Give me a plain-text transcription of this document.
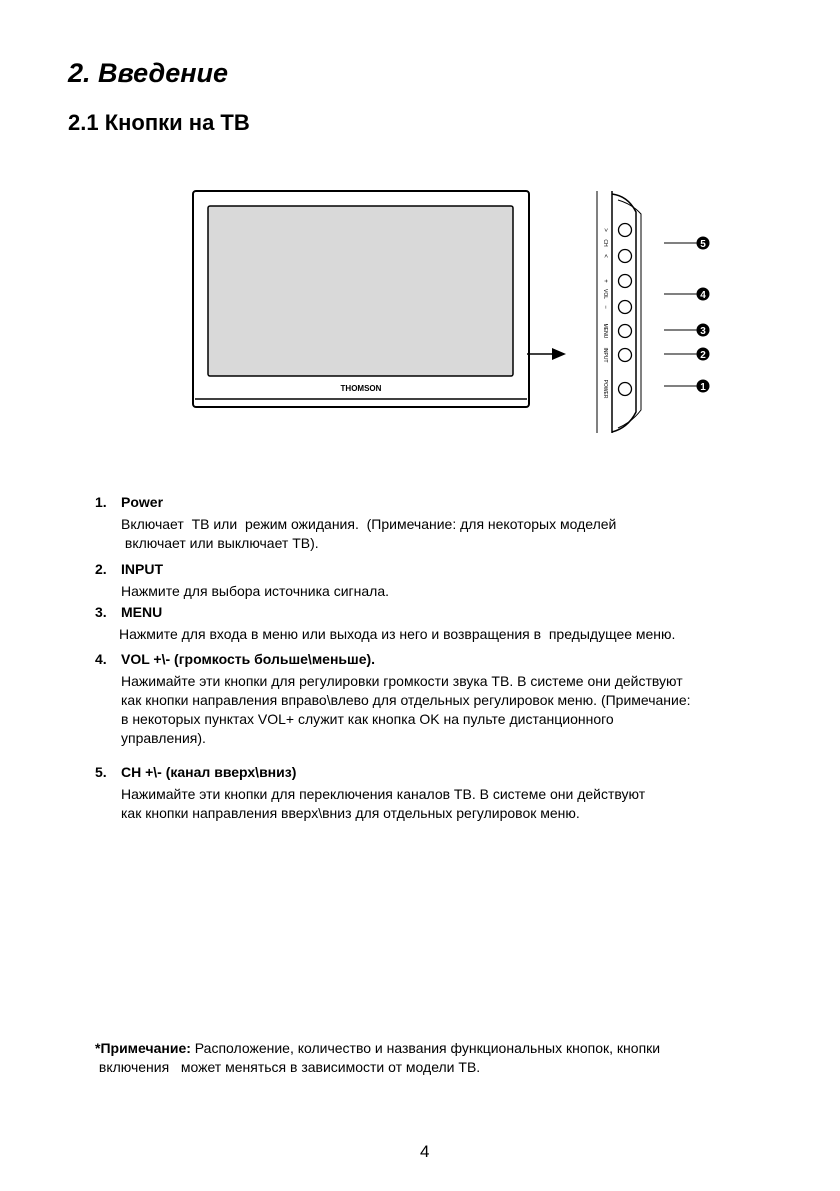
2. Введение
2.1 Кнопки на ТВ
THOMSON
CH
>
<
VOL
+
−
MENU
INPUT
POWER
5
4
3
2
1
1. Power
Включает  ТВ или  режим ожидания.  (Примечание: для некоторых моделей
включает или выключает ТВ).
2. INPUT
Нажмите для выбора источника сигнала.
3. MENU
Нажмите для входа в меню или выхода из него и возвращения в  предыдущее меню.
4. VOL +\- (громкость больше\меньше).
Нажимайте эти кнопки для регулировки громкости звука ТВ. В системе они действуют
как кнопки направления вправо\влево для отдельных регулировок меню. (Примечание:
в некоторых пунктах VOL+ служит как кнопка OK на пульте дистанционного
управления).
5. CH +\- (канал вверх\вниз)
Нажимайте эти кнопки для переключения каналов ТВ. В системе они действуют
как кнопки направления вверх\вниз для отдельных регулировок меню.
*Примечание: Расположение, количество и названия функциональных кнопок, кнопки
включения   может меняться в зависимости от модели ТВ.
4
